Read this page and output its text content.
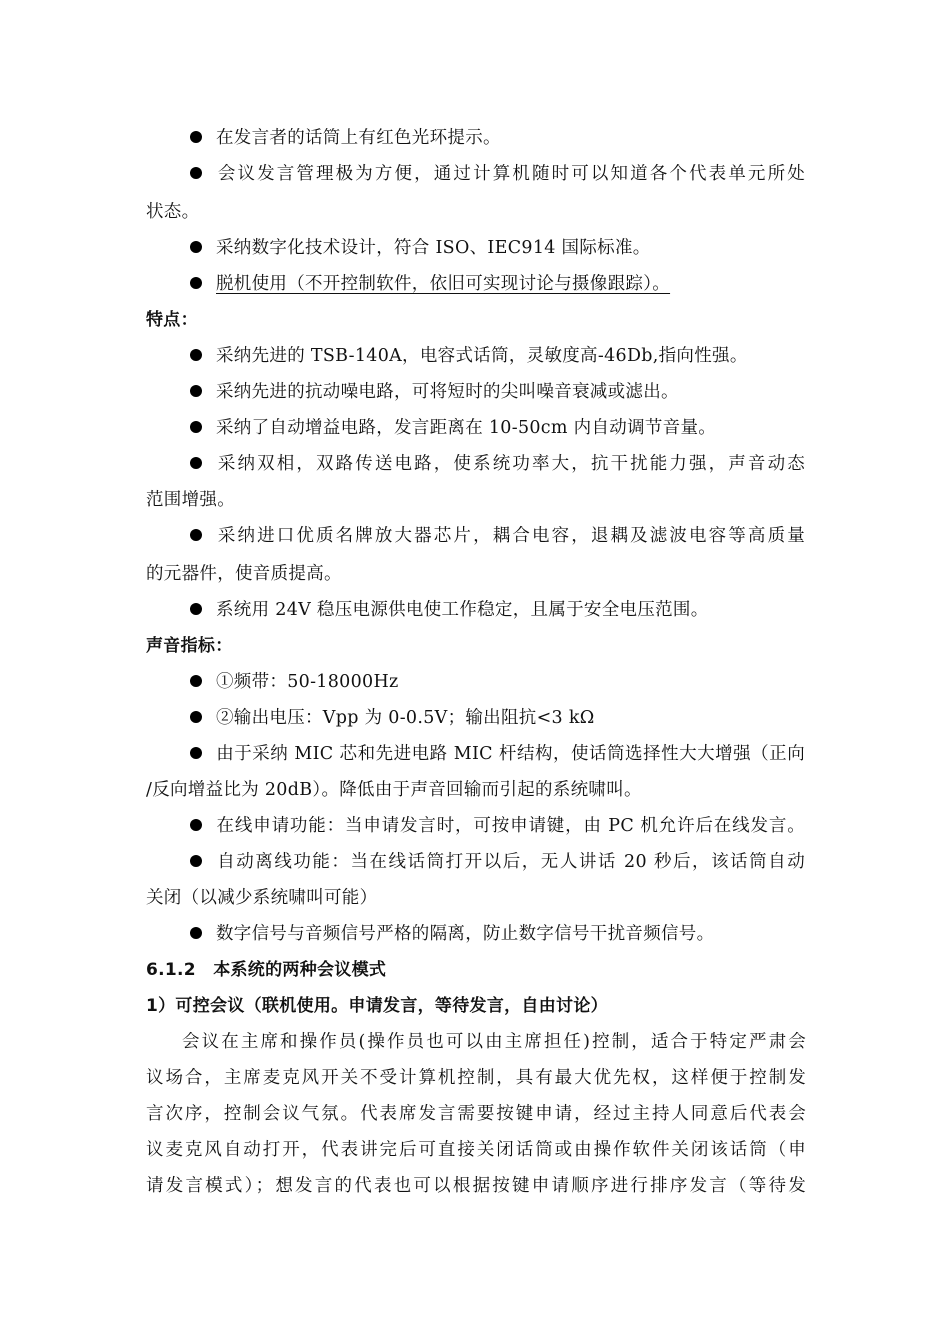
在发言者的话筒上有红色光环提示。
会议发言管理极为方便，通过计算机随时可以知道各个代表单元所处
状态。
采纳数字化技术设计，符合 ISO、IEC914 国际标准。
脱机使用（不开控制软件，依旧可实现讨论与摄像跟踪）。
特点：
采纳先进的 TSB-140A，电容式话筒，灵敏度高-46Db,指向性强。
采纳先进的抗动噪电路，可将短时的尖叫噪音衰减或滤出。
采纳了自动增益电路，发言距离在 10-50cm 内自动调节音量。
采纳双相，双路传送电路，使系统功率大，抗干扰能力强，声音动态
范围增强。
采纳进口优质名牌放大器芯片，耦合电容，退耦及滤波电容等高质量
的元器件，使音质提高。
系统用 24V 稳压电源供电使工作稳定，且属于安全电压范围。
声音指标：
①频带：50-18000Hz
②输出电压：Vpp 为 0-0.5V；输出阻抗<3 kΩ
由于采纳 MIC 芯和先进电路 MIC 杆结构，使话筒选择性大大增强（正向
/反向增益比为 20dB）。降低由于声音回输而引起的系统啸叫。
在线申请功能：当申请发言时，可按申请键，由 PC 机允许后在线发言。
自动离线功能：当在线话筒打开以后，无人讲话 20 秒后，该话筒自动
关闭（以减少系统啸叫可能）
数字信号与音频信号严格的隔离，防止数字信号干扰音频信号。
6.1.2　本系统的两种会议模式
1）可控会议（联机使用。申请发言，等待发言，自由讨论）
会议在主席和操作员(操作员也可以由主席担任)控制，适合于特定严肃会
议场合，主席麦克风开关不受计算机控制，具有最大优先权，这样便于控制发
言次序，控制会议气氛。代表席发言需要按键申请，经过主持人同意后代表会
议麦克风自动打开，代表讲完后可直接关闭话筒或由操作软件关闭该话筒（申
请发言模式）；想发言的代表也可以根据按键申请顺序进行排序发言（等待发
